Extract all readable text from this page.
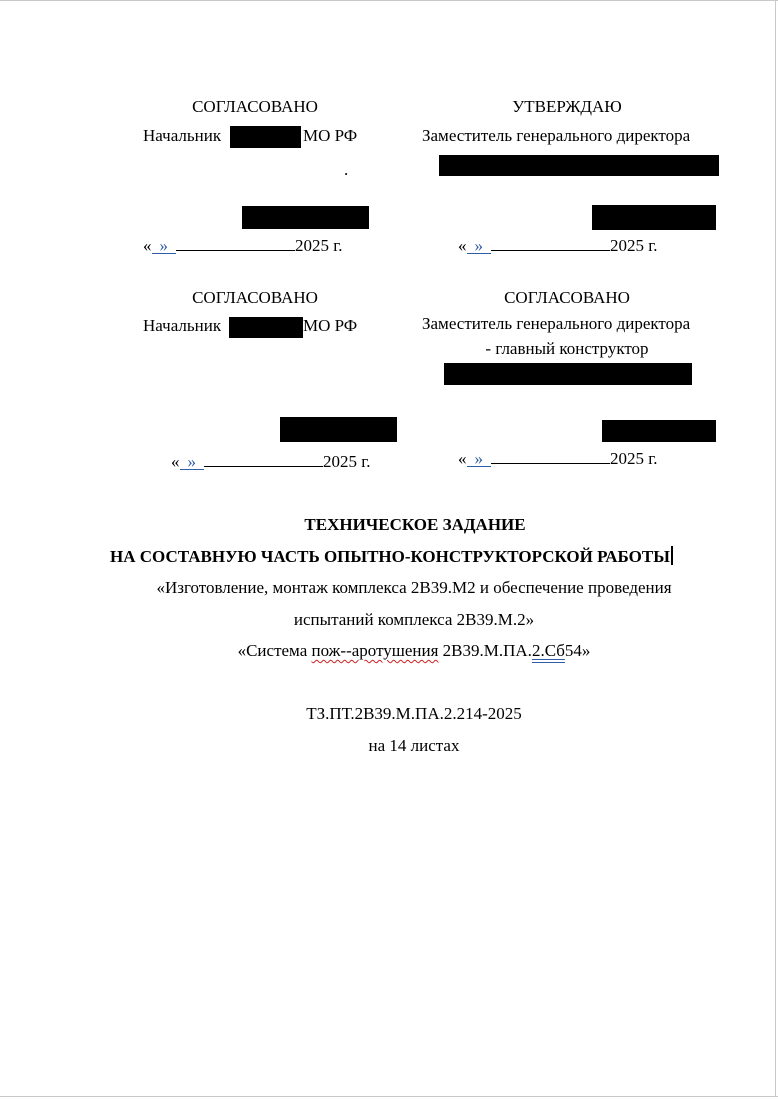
СОГЛАСОВАНО
Начальник	МО РФ
.
« »	2025 г.
УТВЕРЖДАЮ
Заместитель генерального директора
« »	2025 г.
СОГЛАСОВАНО
Начальник	МО РФ
« »	2025 г.
СОГЛАСОВАНО
Заместитель генерального директора
- главный конструктор
« »	2025 г.
ТЕХНИЧЕСКОЕ ЗАДАНИЕ
НА СОСТАВНУЮ ЧАСТЬ ОПЫТНО-КОНСТРУКТОРСКОЙ РАБОТЫ
«Изготовление, монтаж комплекса 2В39.М2 и обеспечение проведения
испытаний комплекса 2В39.М.2»
«Система пож--аротушения 2В39.М.ПА.2.Сб54»
ТЗ.ПТ.2В39.М.ПА.2.214-2025
на 14 листах
